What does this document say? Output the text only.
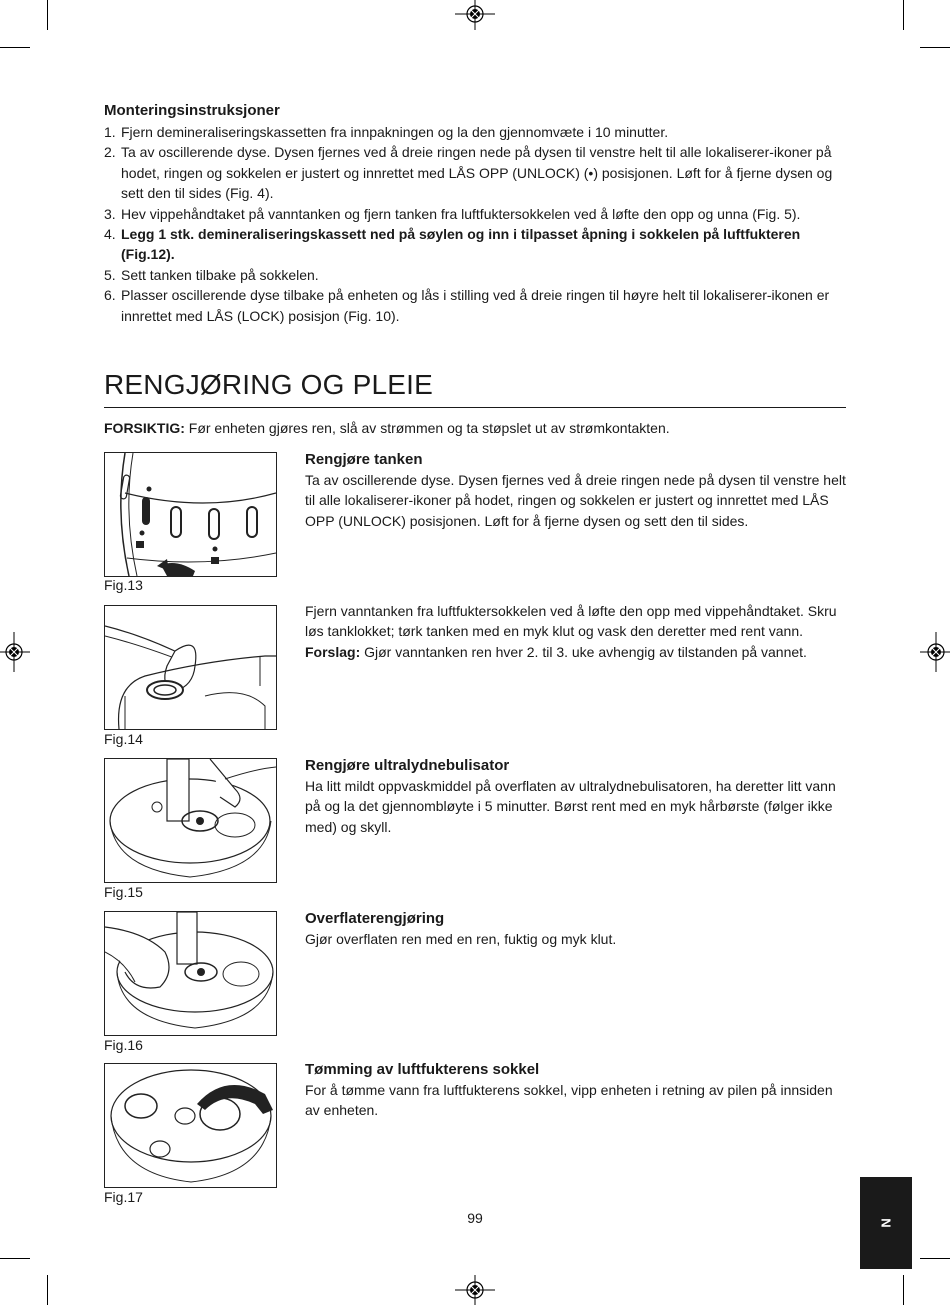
Monteringsinstruksjoner
1. Fjern demineraliseringskassetten fra innpakningen og la den gjennomvæte i 10 minutter.
2. Ta av oscillerende dyse. Dysen fjernes ved å dreie ringen nede på dysen til venstre helt til alle lokaliserer-ikoner på hodet, ringen og sokkelen er justert og innrettet med LÅS OPP (UNLOCK) (•) posisjonen. Løft for å fjerne dysen og sett den til sides (Fig. 4).
3. Hev vippehåndtaket på vanntanken og fjern tanken fra luftfuktersokkelen ved å løfte den opp og unna (Fig. 5).
4. Legg 1 stk. demineraliseringskassett ned på søylen og inn i tilpasset åpning i sokkelen på luftfukteren (Fig.12).
5. Sett tanken tilbake på sokkelen.
6. Plasser oscillerende dyse tilbake på enheten og lås i stilling ved å dreie ringen til høyre helt til lokaliserer-ikonen er innrettet med LÅS (LOCK) posisjon (Fig. 10).
RENGJØRING OG PLEIE
FORSIKTIG: Før enheten gjøres ren, slå av strømmen og ta støpslet ut av strømkontakten.
Fig.13
Rengjøre tanken

Ta av oscillerende dyse. Dysen fjernes ved å dreie ringen nede på dysen til venstre helt til alle lokaliserer-ikoner på hodet, ringen og sokkelen er justert og innrettet med LÅS OPP (UNLOCK) posisjonen. Løft for å fjerne dysen og sett den til sides.

Fig.14

Fjern vanntanken fra luftfuktersokkelen ved å løfte den opp med vippehåndtaket. Skru løs tanklokket; tørk tanken med en myk klut og vask den deretter med rent vann.

Forslag: Gjør vanntanken ren hver 2. til 3. uke avhengig av tilstanden på vannet.

Fig.15
Rengjøre ultralydnebulisator

Ha litt mildt oppvaskmiddel på overflaten av ultralydnebulisatoren, ha deretter litt vann på og la det gjennombløyte i 5 minutter. Børst rent med en myk hårbørste (følger ikke med) og skyll.

Fig.16
Overflaterengjøring

Gjør overflaten ren med en ren, fuktig og myk klut.

Fig.17
Tømming av luftfukterens sokkel

For å tømme vann fra luftfukterens sokkel, vipp enheten i retning av pilen på innsiden av enheten.

99	N
